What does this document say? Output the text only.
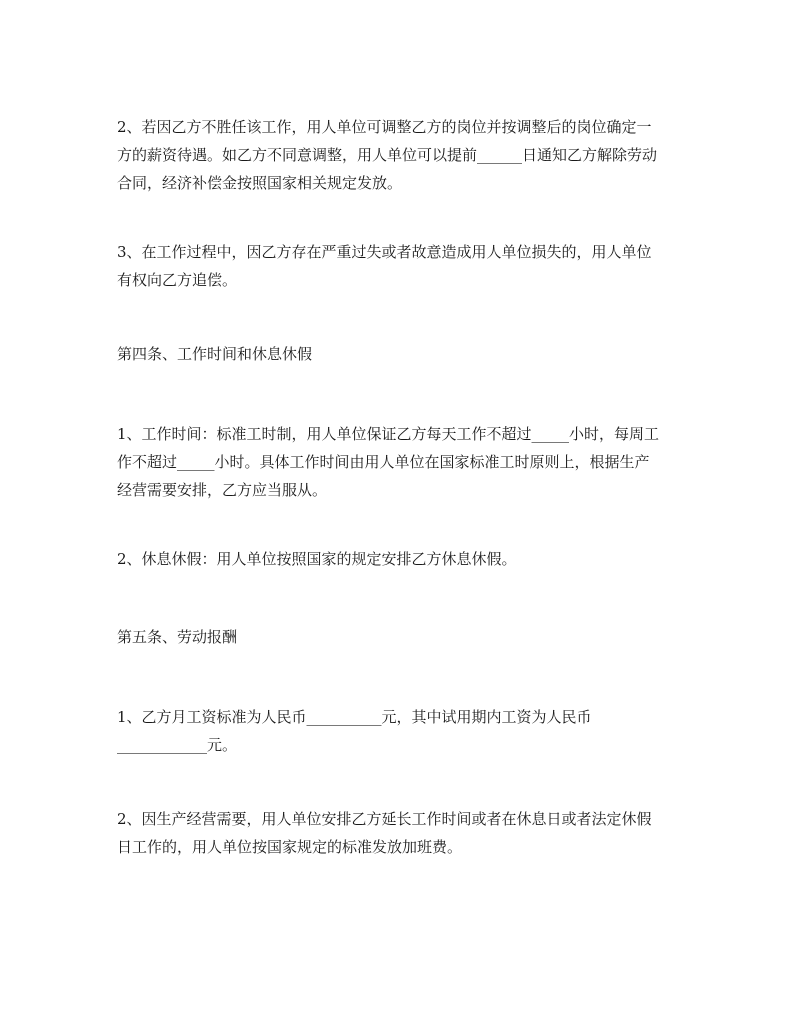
2、若因乙方不胜任该工作，用人单位可调整乙方的岗位并按调整后的岗位确定一
方的薪资待遇。如乙方不同意调整，用人单位可以提前______日通知乙方解除劳动
合同，经济补偿金按照国家相关规定发放。
3、在工作过程中，因乙方存在严重过失或者故意造成用人单位损失的，用人单位
有权向乙方追偿。
第四条、工作时间和休息休假
1、工作时间：标准工时制，用人单位保证乙方每天工作不超过_____小时，每周工
作不超过_____小时。具体工作时间由用人单位在国家标准工时原则上，根据生产
经营需要安排，乙方应当服从。
2、休息休假：用人单位按照国家的规定安排乙方休息休假。
第五条、劳动报酬
1、乙方月工资标准为人民币__________元，其中试用期内工资为人民币
____________元。
2、因生产经营需要，用人单位安排乙方延长工作时间或者在休息日或者法定休假
日工作的，用人单位按国家规定的标准发放加班费。
